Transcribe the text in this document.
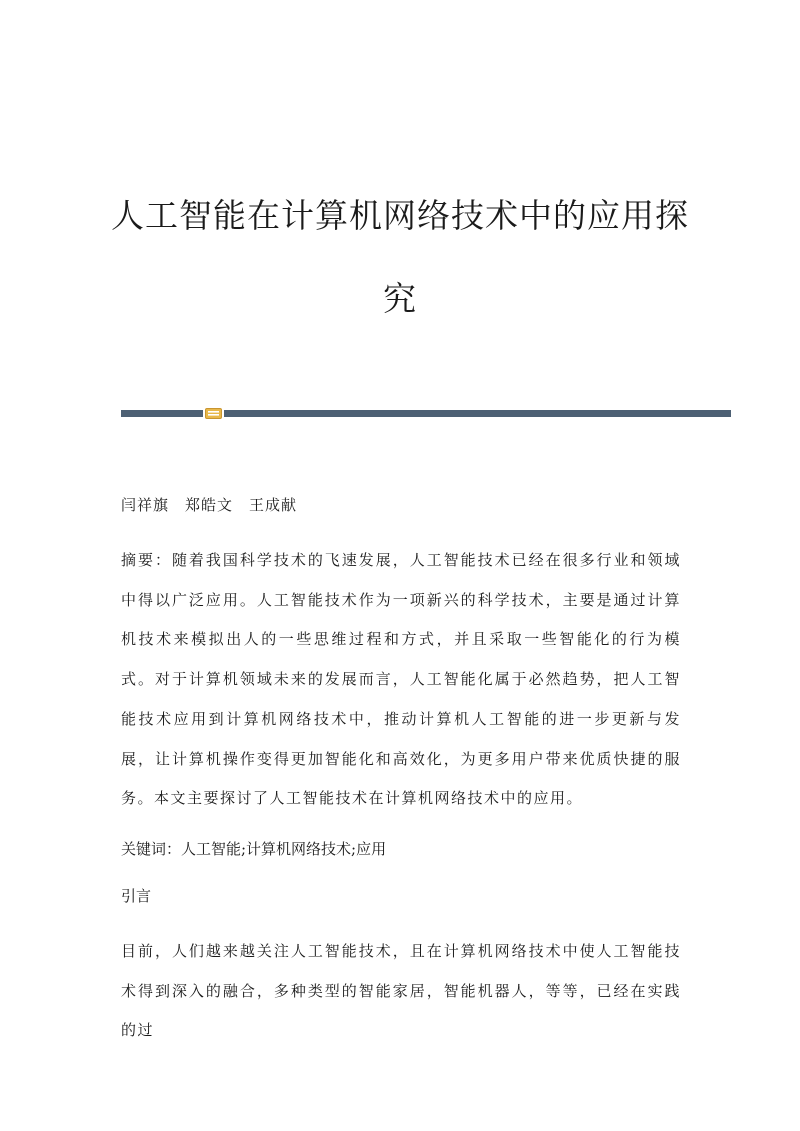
人工智能在计算机网络技术中的应用探
究

闫祥旗　郑皓文　王成献

摘要：随着我国科学技术的飞速发展，人工智能技术已经在很多行业和领域中得以广泛应用。人工智能技术作为一项新兴的科学技术，主要是通过计算机技术来模拟出人的一些思维过程和方式，并且采取一些智能化的行为模式。对于计算机领域未来的发展而言，人工智能化属于必然趋势，把人工智能技术应用到计算机网络技术中，推动计算机人工智能的进一步更新与发展，让计算机操作变得更加智能化和高效化，为更多用户带来优质快捷的服务。本文主要探讨了人工智能技术在计算机网络技术中的应用。

关键词：人工智能;计算机网络技术;应用

引言

目前，人们越来越关注人工智能技术，且在计算机网络技术中使人工智能技术得到深入的融合，多种类型的智能家居，智能机器人，等等，已经在实践的过
